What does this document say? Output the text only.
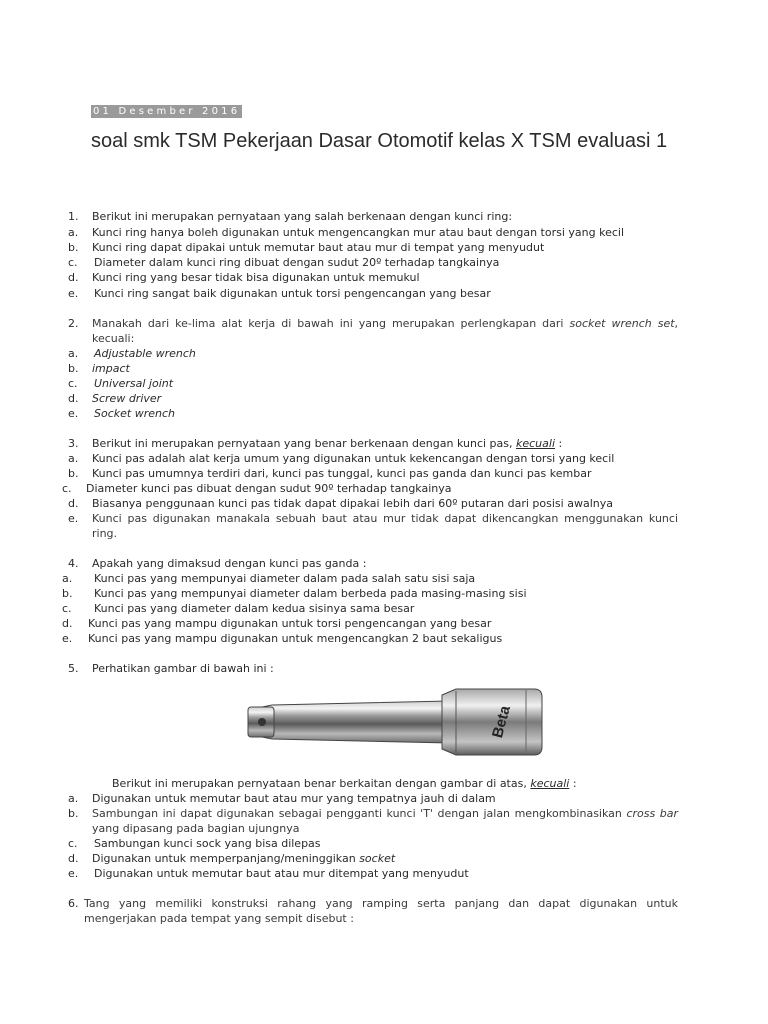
01 Desember 2016
soal smk TSM Pekerjaan Dasar Otomotif kelas X TSM evaluasi 1
1. Berikut ini merupakan pernyataan yang salah berkenaan dengan kunci ring:
a. Kunci ring hanya boleh digunakan untuk mengencangkan mur atau baut dengan torsi yang kecil
b. Kunci ring dapat dipakai untuk memutar baut atau mur di tempat yang menyudut
c. Diameter dalam kunci ring dibuat dengan sudut 20º terhadap tangkainya
d. Kunci ring yang besar tidak bisa digunakan untuk memukul
e. Kunci ring sangat baik digunakan untuk torsi pengencangan yang besar
2. Manakah dari ke-lima alat kerja di bawah ini yang merupakan perlengkapan dari socket wrench set, kecuali:
a. Adjustable wrench
b. impact
c. Universal joint
d. Screw driver
e. Socket wrench
3. Berikut ini merupakan pernyataan yang benar berkenaan dengan kunci pas, kecuali :
a. Kunci pas adalah alat kerja umum yang digunakan untuk kekencangan dengan torsi yang kecil
b. Kunci pas umumnya terdiri dari, kunci pas tunggal, kunci pas ganda dan kunci pas kembar
c. Diameter kunci pas dibuat dengan sudut 90º terhadap tangkainya
d. Biasanya penggunaan kunci pas tidak dapat dipakai lebih dari 60º putaran dari posisi awalnya
e. Kunci pas digunakan manakala sebuah baut atau mur tidak dapat dikencangkan menggunakan kunci ring.
4. Apakah yang dimaksud dengan kunci pas ganda :
a. Kunci pas yang mempunyai diameter dalam pada salah satu sisi saja
b. Kunci pas yang mempunyai diameter dalam berbeda pada masing-masing sisi
c. Kunci pas yang diameter dalam kedua sisinya sama besar
d. Kunci pas yang mampu digunakan untuk torsi pengencangan yang besar
e. Kunci pas yang mampu digunakan untuk mengencangkan 2 baut sekaligus
5. Perhatikan gambar di bawah ini :
Beta
Berikut ini merupakan pernyataan benar berkaitan dengan gambar di atas, kecuali :
a. Digunakan untuk memutar baut atau mur yang tempatnya jauh di dalam
b. Sambungan ini dapat digunakan sebagai pengganti kunci 'T' dengan jalan mengkombinasikan cross bar yang dipasang pada bagian ujungnya
c. Sambungan kunci sock yang bisa dilepas
d. Digunakan untuk memperpanjang/meninggikan socket
e. Digunakan untuk memutar baut atau mur ditempat yang menyudut
6. Tang yang memiliki konstruksi rahang yang ramping serta panjang dan dapat digunakan untuk mengerjakan pada tempat yang sempit disebut :
